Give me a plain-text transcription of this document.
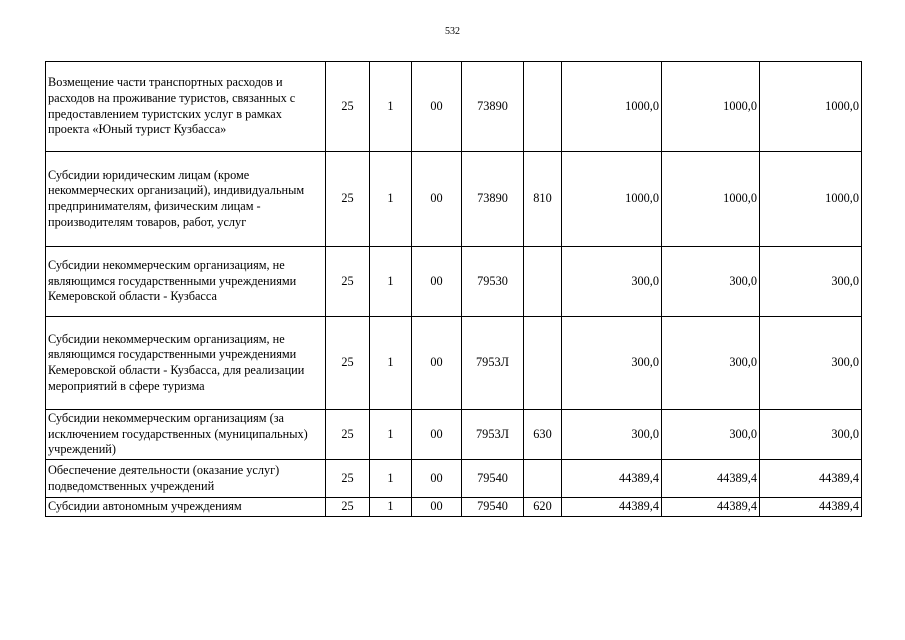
532
Возмещение части транспортных расходов и расходов на проживание туристов, связанных с предоставлением туристских услуг в рамках проекта «Юный турист Кузбасса»	25	1	00	73890		1000,0	1000,0	1000,0
Субсидии юридическим лицам (кроме некоммерческих организаций), индивидуальным предпринимателям, физическим лицам - производителям товаров, работ, услуг	25	1	00	73890	810	1000,0	1000,0	1000,0
Субсидии некоммерческим организациям, не являющимся государственными учреждениями Кемеровской области - Кузбасса	25	1	00	79530		300,0	300,0	300,0
Субсидии некоммерческим организациям, не являющимся государственными учреждениями Кемеровской области - Кузбасса, для реализации мероприятий в сфере туризма	25	1	00	7953Л		300,0	300,0	300,0
Субсидии некоммерческим организациям (за исключением государственных (муниципальных) учреждений)	25	1	00	7953Л	630	300,0	300,0	300,0
Обеспечение деятельности (оказание услуг) подведомственных учреждений	25	1	00	79540		44389,4	44389,4	44389,4
Субсидии автономным учреждениям	25	1	00	79540	620	44389,4	44389,4	44389,4
